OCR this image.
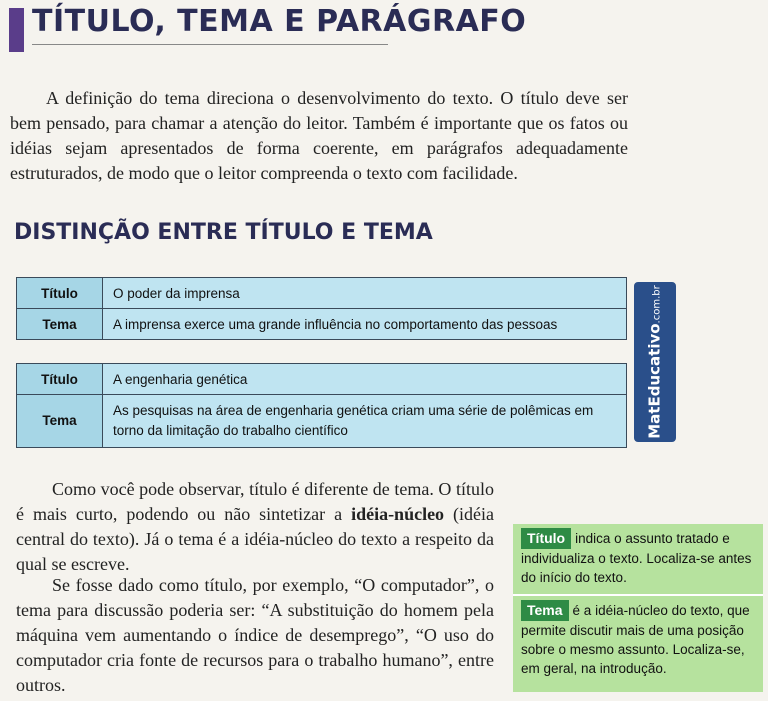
TÍTULO, TEMA E PARÁGRAFO

A definição do tema direciona o desenvolvimento do texto. O título deve ser bem pensado, para chamar a atenção do leitor. Também é importante que os fatos ou idéias sejam apresentados de forma coerente, em parágrafos adequadamente estruturados, de modo que o leitor compreenda o texto com facilidade.

DISTINÇÃO ENTRE TÍTULO E TEMA
Título	O poder da imprensa
Tema	A imprensa exerce uma grande influência no comportamento das pessoas
Título	A engenharia genética
Tema	As pesquisas na área de engenharia genética criam uma série de polêmicas em torno da limitação do trabalho científico	MatEducativo.com.br

Como você pode observar, título é diferente de tema. O título é mais curto, podendo ou não sintetizar a idéia-núcleo (idéia central do texto). Já o tema é a idéia-núcleo do texto a respeito da qual se escreve.

Se fosse dado como título, por exemplo, “O computador”, o tema para discussão poderia ser: “A substituição do homem pela máquina vem aumentando o índice de desemprego”, “O uso do computador cria fonte de recursos para o trabalho humano”, entre outros.

Título indica o assunto tratado e individualiza o texto. Localiza-se antes do início do texto.
Tema é a idéia-núcleo do texto, que permite discutir mais de uma posição sobre o mesmo assunto. Localiza-se, em geral, na introdução.
